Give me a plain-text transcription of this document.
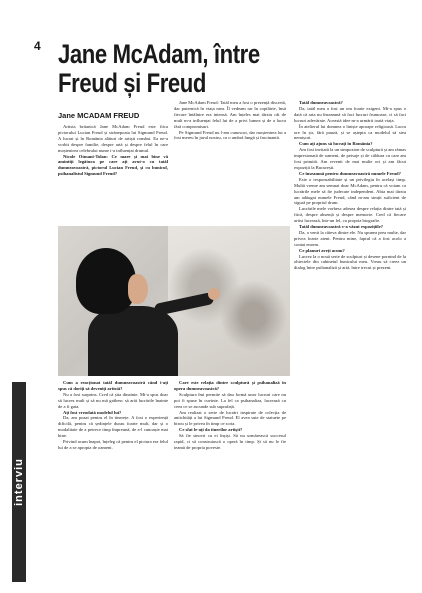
4
interviu
Jane McAdam, între
Freud și Freud
Jane MCADAM FREUD

Artista britanică Jane McAdam Freud este fiica pictorului Lucian Freud și strănepoata lui Sigmund Freud. A lucrat și în România alături de artiști români. Ea ne-a vorbit despre familie, despre artă și despre felul în care moștenirea celebrului nume i-a influențat drumul.

Nicole Otmani-Tolan: Ce mare și mai bine vă amintiți legătura pe care ați avut-o cu tatăl dumneavoastră, pictorul Lucian Freud, și cu bunicul, psihanalistul Sigmund Freud?

Jane McAdam Freud: Tatăl meu a fost o prezență discretă, dar puternică în viața mea. Îl vedeam rar în copilărie, însă fiecare întâlnire era intensă. Am înțeles mai târziu cât de mult m-a influențat felul lui de a privi lumea și de a lucra fără compromisuri.

Pe Sigmund Freud nu l-am cunoscut, dar moștenirea lui a fost mereu în jurul nostru, ca o umbră lungă și fascinantă.

Tatăl dumneavoastră?

Da, tatăl meu a fost un om foarte exigent. Mi-a spus o dată că arta nu înseamnă să faci lucruri frumoase, ci să faci lucruri adevărate. Această idee m-a urmărit toată viața.

În atelierul lui domnea o liniște aproape religioasă. Lucra ore în șir, fără pauză, și se aștepta ca modelul să stea nemișcat.

Cum ați ajuns să lucrați în România?

Am fost invitată la un simpozion de sculptură și am rămas impresionată de oameni, de peisaje și de căldura cu care am fost primită. Am revenit de mai multe ori și am făcut expoziții la București.

Ce înseamnă pentru dumneavoastră numele Freud?

Este o responsabilitate și un privilegiu în același timp. Multă vreme am semnat doar McAdam, pentru că voiam ca lucrările mele să fie judecate independent. Abia mai târziu am adăugat numele Freud, când m-am simțit suficient de sigură pe propriul drum.

Lucrările mele vorbesc adesea despre relația dintre tată și fiică, despre absență și despre memorie. Cred că fiecare artist lucrează, într-un fel, cu propria biografie.

Tatăl dumneavoastră v-a văzut expozițiile?

Da, a venit la câteva dintre ele. Nu spunea prea multe, dar privea foarte atent. Pentru mine, faptul că a fost acolo a contat enorm.

Ce planuri aveți acum?

Lucrez la o nouă serie de sculpturi și desene pornind de la obiectele din cabinetul bunicului meu. Vreau să creez un dialog între psihanaliză și artă, între trecut și prezent.

Cum a reacționat tatăl dumneavoastră când i-ați spus că doriți să deveniți artistă?

Nu a fost surprins. Cred că știa dinainte. Mi-a spus doar să lucrez mult și să nu mă grăbesc să arăt lucrările înainte de a fi gata.

Ați fost vreodată modelul lui?

Da, am pozat pentru el în tinerețe. A fost o experiență dificilă, pentru că ședințele durau foarte mult, dar și o modalitate de a petrece timp împreună, de a-l cunoaște mai bine.

Privind acum înapoi, înțeleg că pentru el pictura era felul lui de a se apropia de oameni.

Care este relația dintre sculptură și psihanaliză în opera dumneavoastră?

Sculptura îmi permite să dau formă unor lucruri care nu pot fi spuse în cuvinte. La fel ca psihanaliza, lucrează cu ceea ce se ascunde sub suprafață.

Am realizat o serie de lucrări inspirate de colecția de antichități a lui Sigmund Freud. El avea sute de statuete pe birou și le privea în timp ce scria.

Ce sfat le-ați da tinerilor artiști?

Să fie sinceri cu ei înșiși. Să nu urmărească succesul rapid, ci să construiască o operă în timp. Și să nu le fie teamă de propria poveste.
